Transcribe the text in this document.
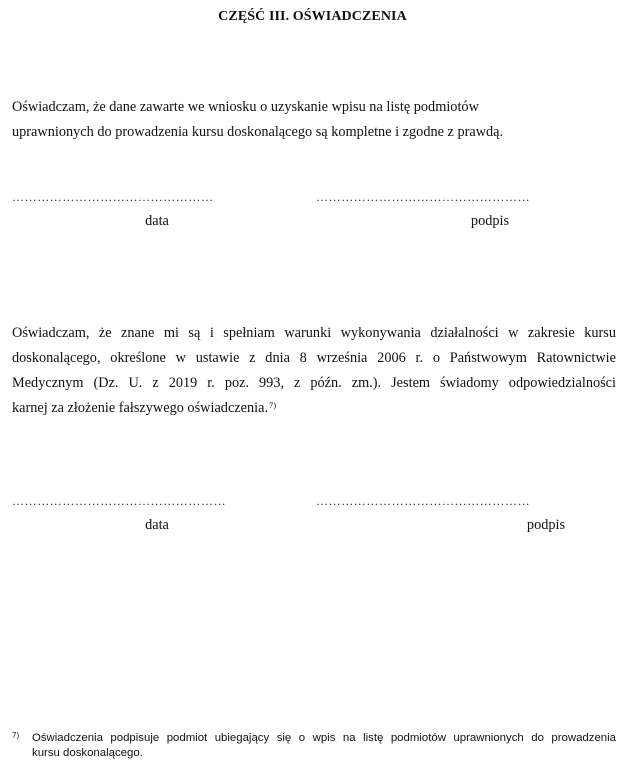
CZĘŚĆ III. OŚWIADCZENIA
Oświadczam, że dane zawarte we wniosku o uzyskanie wpisu na listę podmiotów
uprawnionych do prowadzenia kursu doskonalącego są kompletne i zgodne z prawdą.
…………………………………………	……………………………………………
data	podpis
Oświadczam, że znane mi są i spełniam warunki wykonywania działalności w zakresie kursu
doskonalącego, określone w ustawie z dnia 8 września 2006 r. o Państwowym Ratownictwie
Medycznym (Dz. U. z 2019 r. poz. 993, z późn. zm.). Jestem świadomy odpowiedzialności
karnej za złożenie fałszywego oświadczenia.$^{7)}$
……………………………………………	……………………………………………
data	podpis
7) Oświadczenia podpisuje podmiot ubiegający się o wpis na listę podmiotów uprawnionych do prowadzenia
kursu doskonalącego.
